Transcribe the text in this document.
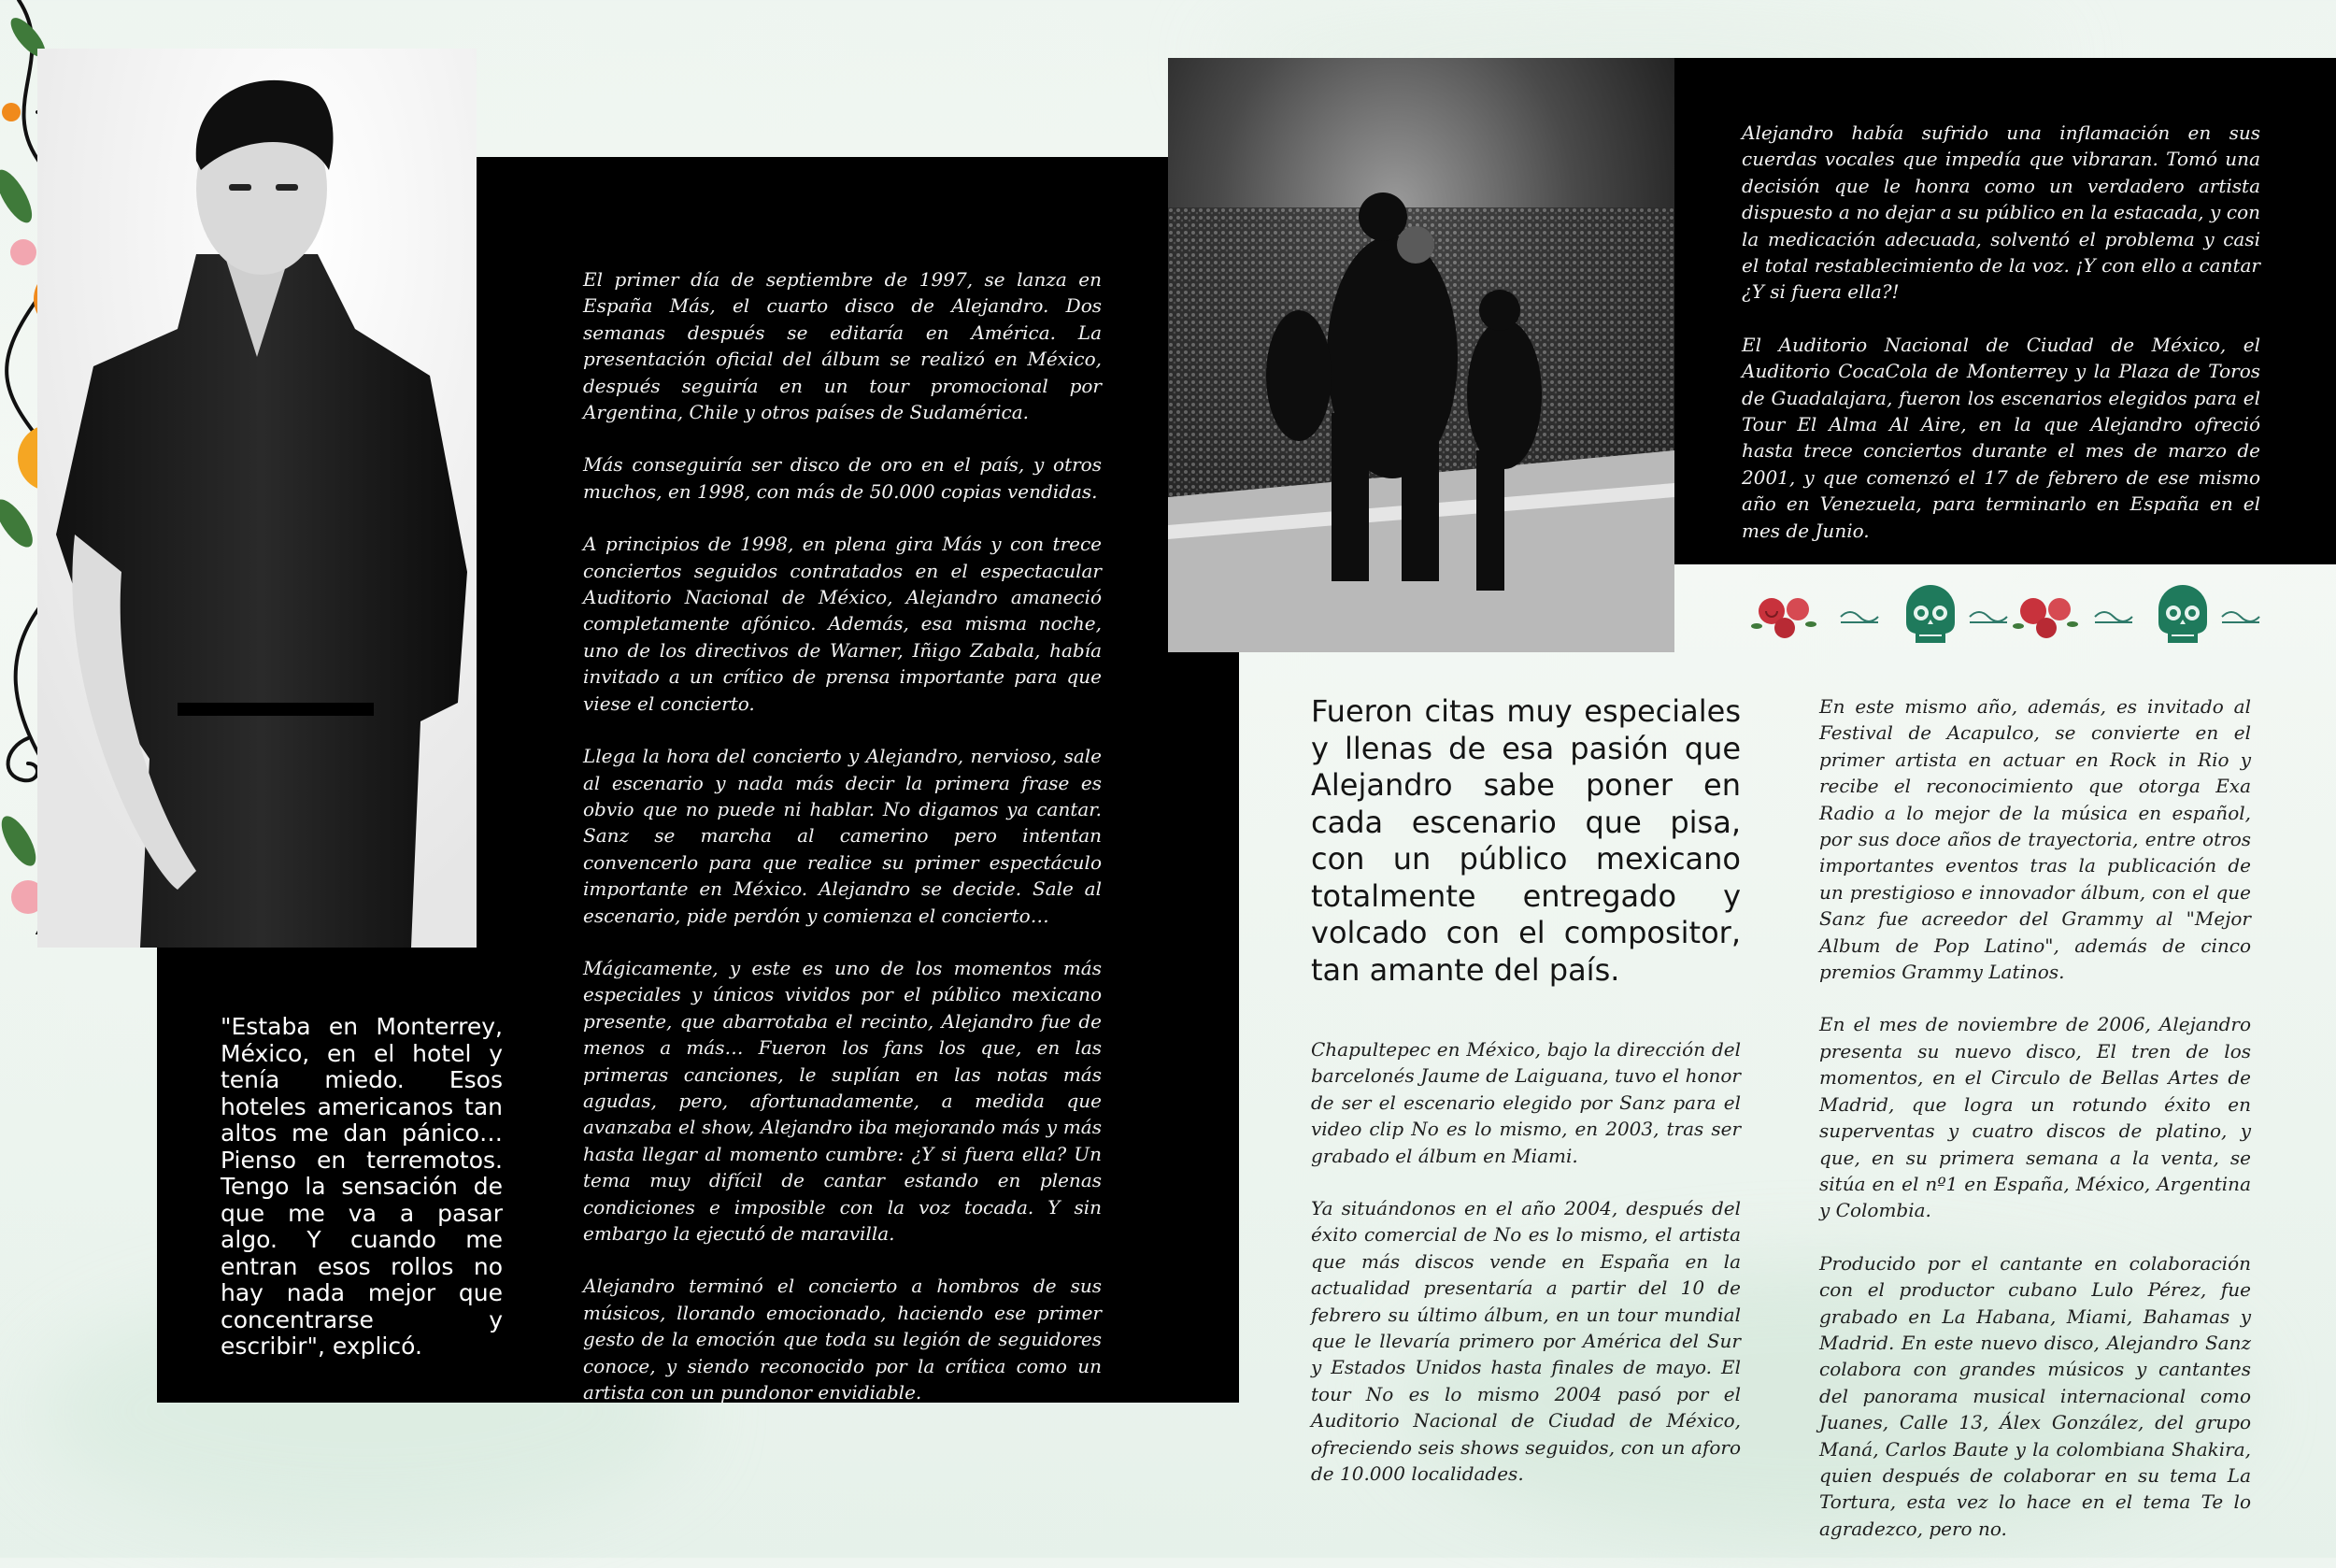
"Estaba en Monterrey, México, en el hotel y tenía miedo. Esos hoteles americanos tan altos me dan pánico… Pienso en terremotos. Tengo la sensación de que me va a pasar algo. Y cuando me entran esos rollos no hay nada mejor que concentrarse y escribir", explicó.

El primer día de septiembre de 1997, se lanza en España Más, el cuarto disco de Alejandro. Dos semanas después se editaría en América. La presentación oficial del álbum se realizó en México, después seguiría en un tour promocional por Argentina, Chile y otros países de Sudamérica.

Más conseguiría ser disco de oro en el país, y otros muchos, en 1998, con más de 50.000 copias vendidas.

A principios de 1998, en plena gira Más y con trece conciertos seguidos contratados en el espectacular Auditorio Nacional de México, Alejandro amaneció completamente afónico. Además, esa misma noche, uno de los directivos de Warner, Iñigo Zabala, había invitado a un crítico de prensa importante para que viese el concierto.

Llega la hora del concierto y Alejandro, nervioso, sale al escenario y nada más decir la primera frase es obvio que no puede ni hablar. No digamos ya cantar. Sanz se marcha al camerino pero intentan convencerlo para que realice su primer espectáculo importante en México. Alejandro se decide. Sale al escenario, pide perdón y comienza el concierto…

Mágicamente, y este es uno de los momentos más especiales y únicos vividos por el público mexicano presente, que abarrotaba el recinto, Alejandro fue de menos a más… Fueron los fans los que, en las primeras canciones, le suplían en las notas más agudas, pero, afortunadamente, a medida que avanzaba el show, Alejandro iba mejorando más y más hasta llegar al momento cumbre: ¿Y si fuera ella? Un tema muy difícil de cantar estando en plenas condiciones e imposible con la voz tocada. Y sin embargo la ejecutó de maravilla.

Alejandro terminó el concierto a hombros de sus músicos, llorando emocionado, haciendo ese primer gesto de la emoción que toda su legión de seguidores conoce, y siendo reconocido por la crítica como un artista con un pundonor envidiable.

Alejandro había sufrido una inflamación en sus cuerdas vocales que impedía que vibraran. Tomó una decisión que le honra como un verdadero artista dispuesto a no dejar a su público en la estacada, y con la medicación adecuada, solventó el problema y casi el total restablecimiento de la voz. ¡Y con ello a cantar ¿Y si fuera ella?!

El Auditorio Nacional de Ciudad de México, el Auditorio CocaCola de Monterrey y la Plaza de Toros de Guadalajara, fueron los escenarios elegidos para el Tour El Alma Al Aire, en la que Alejandro ofreció hasta trece conciertos durante el mes de marzo de 2001, y que comenzó el 17 de febrero de ese mismo año en Venezuela, para terminarlo en España en el mes de Junio.

Fueron citas muy especiales y llenas de esa pasión que Alejandro sabe poner en cada escenario que pisa, con un público mexicano totalmente entregado y volcado con el compositor, tan amante del país.

Chapultepec en México, bajo la dirección del barcelonés Jaume de Laiguana, tuvo el honor de ser el escenario elegido por Sanz para el video clip No es lo mismo, en 2003, tras ser grabado el álbum en Miami.

Ya situándonos en el año 2004, después del éxito comercial de No es lo mismo, el artista que más discos vende en España en la actualidad presentaría a partir del 10 de febrero su último álbum, en un tour mundial que le llevaría primero por América del Sur y Estados Unidos hasta finales de mayo. El tour No es lo mismo 2004 pasó por el Auditorio Nacional de Ciudad de México, ofreciendo seis shows seguidos, con un aforo de 10.000 localidades.

En este mismo año, además, es invitado al Festival de Acapulco, se convierte en el primer artista en actuar en Rock in Rio y recibe el reconocimiento que otorga Exa Radio a lo mejor de la música en español, por sus doce años de trayectoria, entre otros importantes eventos tras la publicación de un prestigioso e innovador álbum, con el que Sanz fue acreedor del Grammy al "Mejor Album de Pop Latino", además de cinco premios Grammy Latinos.

En el mes de noviembre de 2006, Alejandro presenta su nuevo disco, El tren de los momentos, en el Circulo de Bellas Artes de Madrid, que logra un rotundo éxito en superventas y cuatro discos de platino, y que, en su primera semana a la venta, se sitúa en el nº1 en España, México, Argentina y Colombia.

Producido por el cantante en colaboración con el productor cubano Lulo Pérez, fue grabado en La Habana, Miami, Bahamas y Madrid. En este nuevo disco, Alejandro Sanz colabora con grandes músicos y cantantes del panorama musical internacional como Juanes, Calle 13, Álex González, del grupo Maná, Carlos Baute y la colombiana Shakira, quien después de colaborar en su tema La Tortura, esta vez lo hace en el tema Te lo agradezco, pero no.
